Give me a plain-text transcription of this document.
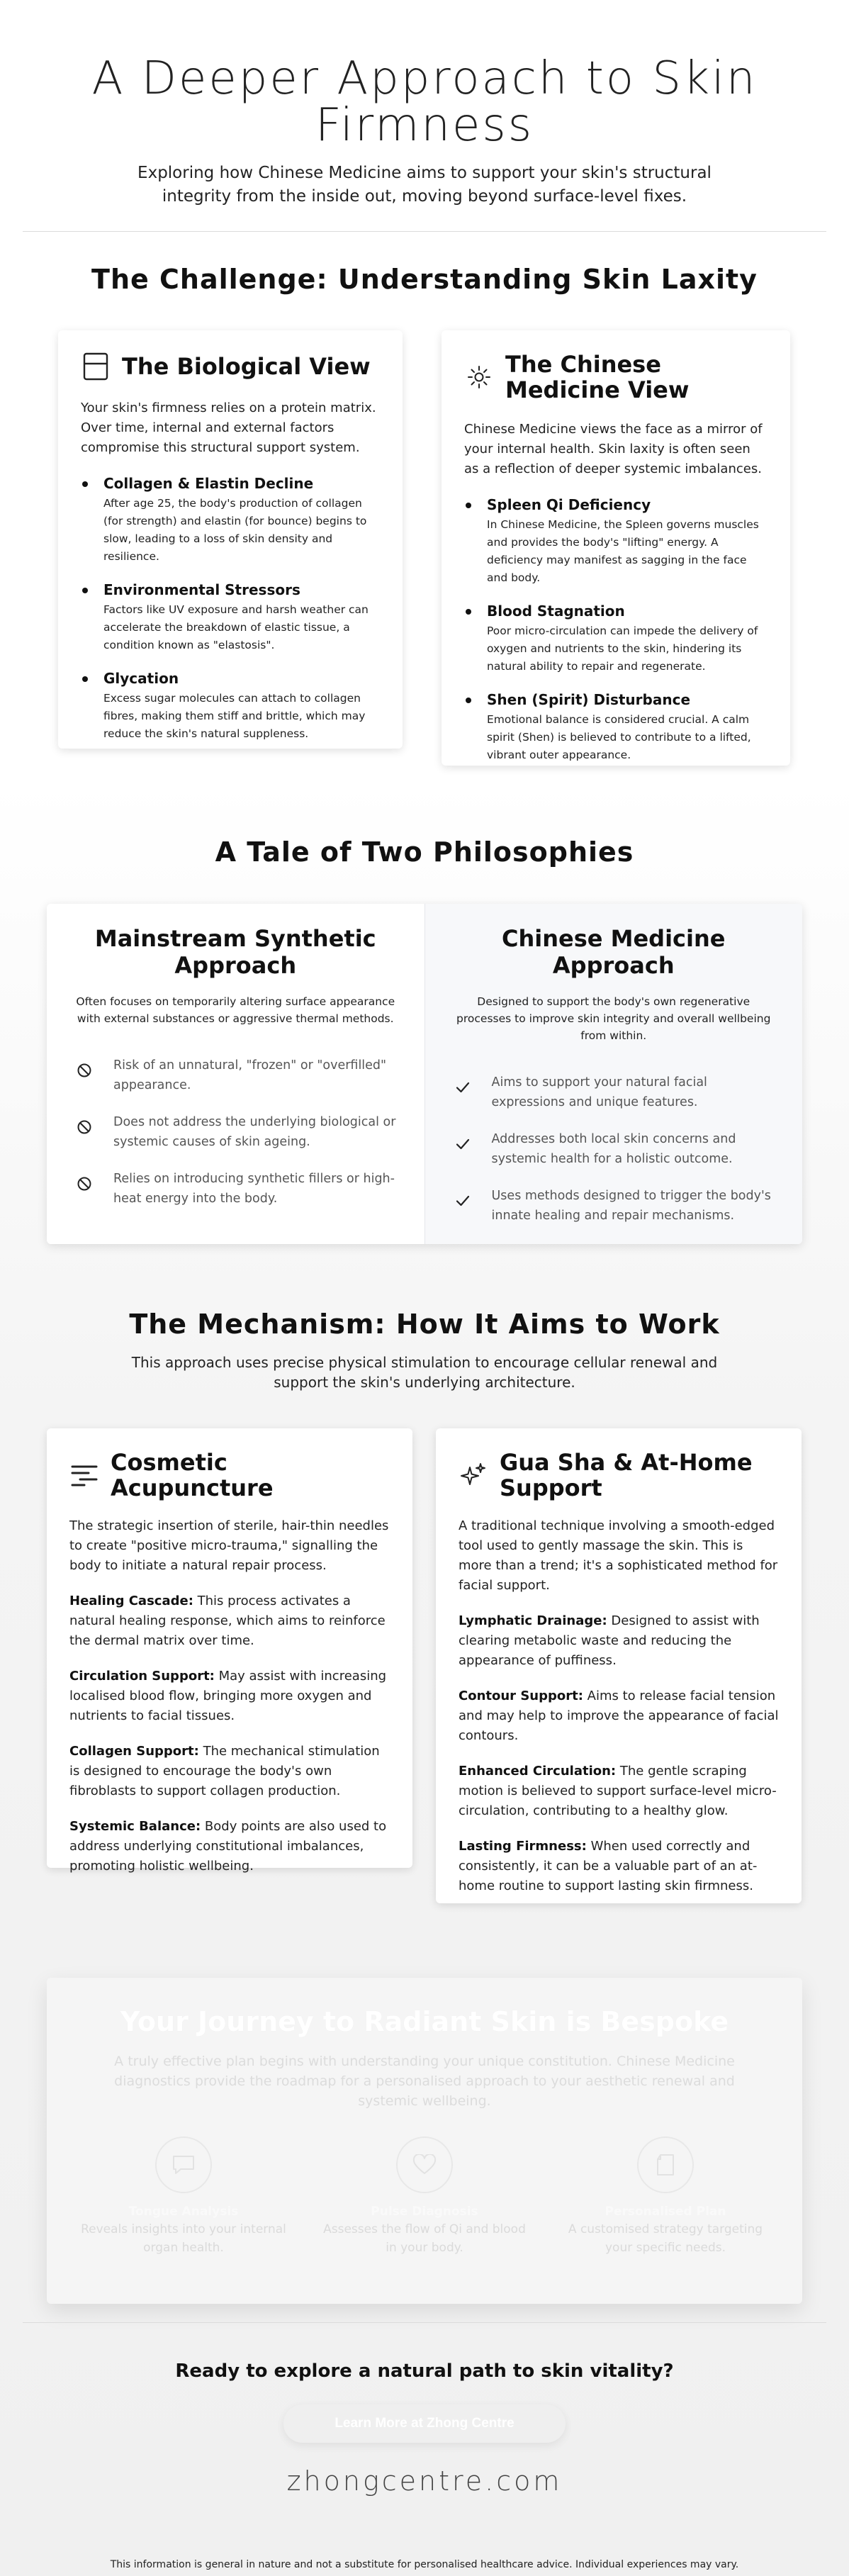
A Deeper Approach to Skin Firmness

Exploring how Chinese Medicine aims to support your skin's structural integrity from the inside out, moving beyond surface-level fixes.

The Challenge: Understanding Skin Laxity
The Biological View

Your skin's firmness relies on a protein matrix. Over time, internal and external factors compromise this structural support system.

Collagen & Elastin Decline
After age 25, the body's production of collagen (for strength) and elastin (for bounce) begins to slow, leading to a loss of skin density and resilience.
Environmental Stressors
Factors like UV exposure and harsh weather can accelerate the breakdown of elastic tissue, a condition known as "elastosis".
Glycation
Excess sugar molecules can attach to collagen fibres, making them stiff and brittle, which may reduce the skin's natural suppleness.
The Chinese Medicine View

Chinese Medicine views the face as a mirror of your internal health. Skin laxity is often seen as a reflection of deeper systemic imbalances.

Spleen Qi Deficiency
In Chinese Medicine, the Spleen governs muscles and provides the body's "lifting" energy. A deficiency may manifest as sagging in the face and body.
Blood Stagnation
Poor micro-circulation can impede the delivery of oxygen and nutrients to the skin, hindering its natural ability to repair and regenerate.
Shen (Spirit) Disturbance
Emotional balance is considered crucial. A calm spirit (Shen) is believed to contribute to a lifted, vibrant outer appearance.
A Tale of Two Philosophies
Mainstream Synthetic Approach

Often focuses on temporarily altering surface appearance with external substances or aggressive thermal methods.

Risk of an unnatural, "frozen" or "overfilled" appearance.
Does not address the underlying biological or systemic causes of skin ageing.
Relies on introducing synthetic fillers or high-heat energy into the body.
Chinese Medicine Approach

Designed to support the body's own regenerative processes to improve skin integrity and overall wellbeing from within.

Aims to support your natural facial expressions and unique features.
Addresses both local skin concerns and systemic health for a holistic outcome.
Uses methods designed to trigger the body's innate healing and repair mechanisms.
The Mechanism: How It Aims to Work
This approach uses precise physical stimulation to encourage cellular renewal and support the skin's underlying architecture.
Cosmetic Acupuncture

The strategic insertion of sterile, hair-thin needles to create "positive micro-trauma," signalling the body to initiate a natural repair process.

Healing Cascade: This process activates a natural healing response, which aims to reinforce the dermal matrix over time.

Circulation Support: May assist with increasing localised blood flow, bringing more oxygen and nutrients to facial tissues.

Collagen Support: The mechanical stimulation is designed to encourage the body's own fibroblasts to support collagen production.

Systemic Balance: Body points are also used to address underlying constitutional imbalances, promoting holistic wellbeing.

Gua Sha & At-Home Support

A traditional technique involving a smooth-edged tool used to gently massage the skin. This is more than a trend; it's a sophisticated method for facial support.

Lymphatic Drainage: Designed to assist with clearing metabolic waste and reducing the appearance of puffiness.

Contour Support: Aims to release facial tension and may help to improve the appearance of facial contours.

Enhanced Circulation: The gentle scraping motion is believed to support surface-level micro-circulation, contributing to a healthy glow.

Lasting Firmness: When used correctly and consistently, it can be a valuable part of an at-home routine to support lasting skin firmness.

Your Journey to Radiant Skin is Bespoke

A truly effective plan begins with understanding your unique constitution. Chinese Medicine diagnostics provide the roadmap for a personalised approach to your aesthetic renewal and systemic wellbeing.

Tongue Analysis
Reveals insights into your internal organ health.
Pulse Diagnosis
Assesses the flow of Qi and blood in your body.
Personalised Plan
A customised strategy targeting your specific needs.
Ready to explore a natural path to skin vitality?
Learn More at Zhong Centre
zhongcentre.com
This information is general in nature and not a substitute for personalised healthcare advice. Individual experiences may vary.
